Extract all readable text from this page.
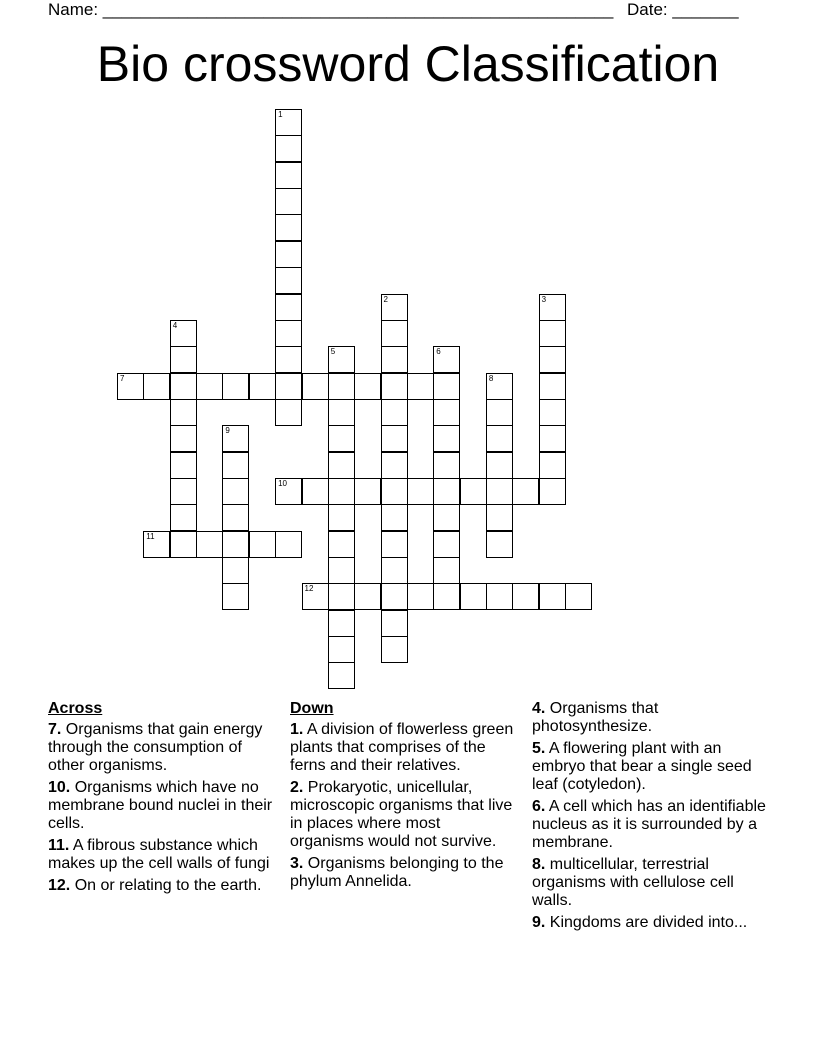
Name: ______________________________________________________ Date: _______
Bio crossword Classification
1
2	3
4
5	6
7	8
9
10
11
12
Across
7. Organisms that gain energy through the consumption of other organisms.
10. Organisms which have no membrane bound nuclei in their cells.
11. A fibrous substance which makes up the cell walls of fungi
12. On or relating to the earth.
Down
1. A division of flowerless green plants that comprises of the ferns and their relatives.
2. Prokaryotic, unicellular, microscopic organisms that live in places where most organisms would not survive.
3. Organisms belonging to the phylum Annelida.
4. Organisms that photosynthesize.
5. A flowering plant with an embryo that bear a single seed leaf (cotyledon).
6. A cell which has an identifiable nucleus as it is surrounded by a membrane.
8. multicellular, terrestrial organisms with cellulose cell walls.
9. Kingdoms are divided into...
